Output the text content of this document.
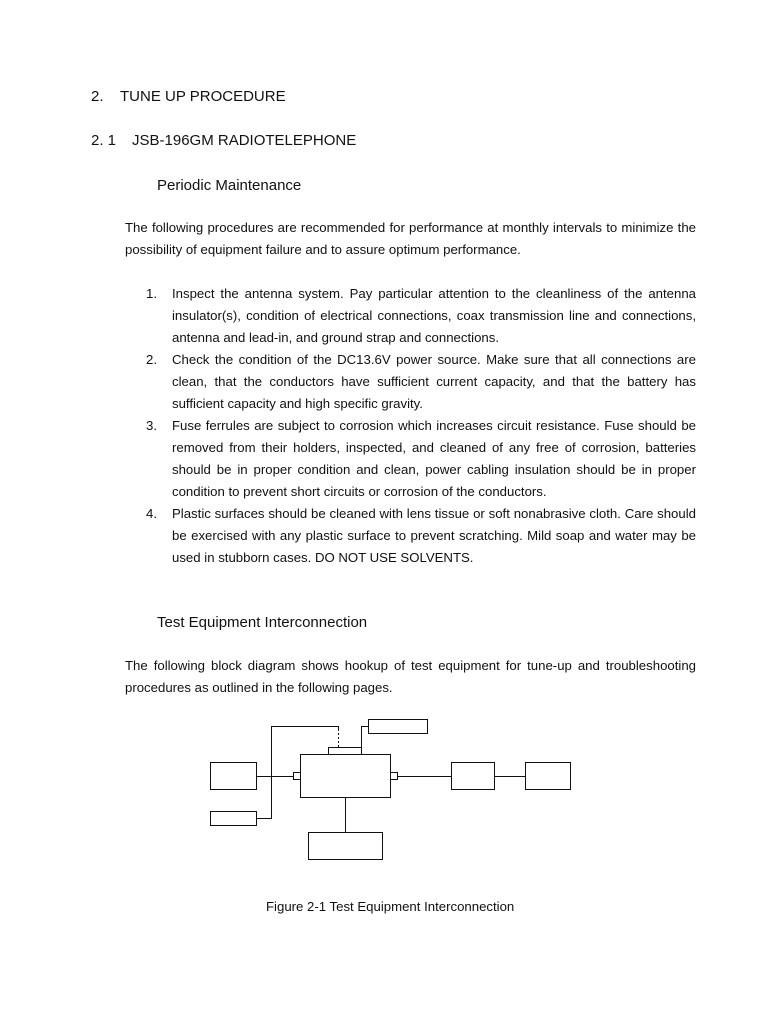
2. TUNE UP PROCEDURE
2. 1 JSB-196GM RADIOTELEPHONE
Periodic Maintenance

The following procedures are recommended for performance at monthly intervals to minimize the possibility of equipment failure and to assure optimum performance.

1. Inspect the antenna system. Pay particular attention to the cleanliness of the antenna insulator(s), condition of electrical connections, coax transmission line and connections, antenna and lead-in, and ground strap and connections.
2. Check the condition of the DC13.6V power source. Make sure that all connections are clean, that the conductors have sufficient current capacity, and that the battery has sufficient capacity and high specific gravity.
3. Fuse ferrules are subject to corrosion which increases circuit resistance. Fuse should be removed from their holders, inspected, and cleaned of any free of corrosion, batteries should be in proper condition and clean, power cabling insulation should be in proper condition to prevent short circuits or corrosion of the conductors.
4. Plastic surfaces should be cleaned with lens tissue or soft nonabrasive cloth. Care should be exercised with any plastic surface to prevent scratching. Mild soap and water may be used in stubborn cases. DO NOT USE SOLVENTS.
Test Equipment Interconnection

The following block diagram shows hookup of test equipment for tune-up and troubleshooting procedures as outlined in the following pages.

Figure 2-1 Test Equipment Interconnection
